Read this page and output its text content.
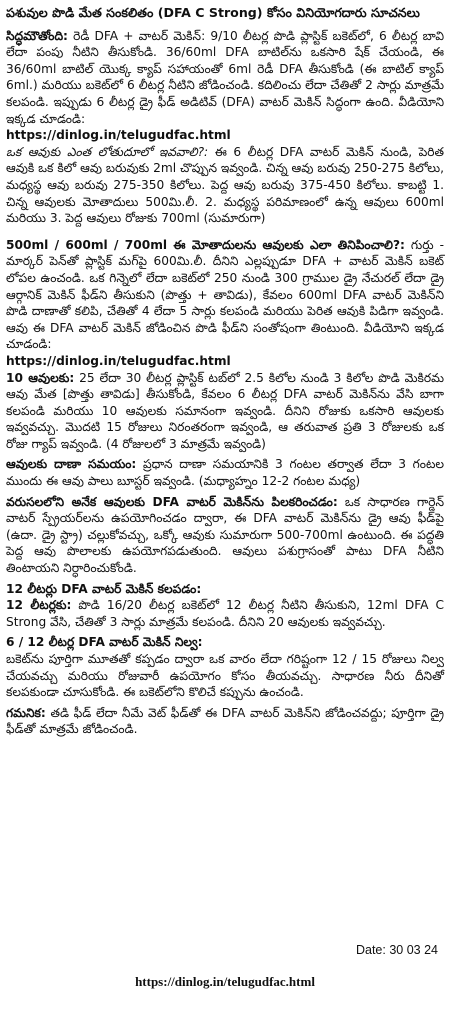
పశువుల పొడి మేత సంకలితం (DFA C Strong) కోసం వినియోగదారు సూచనలు

సిద్ధమౌతోంది: రెడీ DFA + వాటర్ మెకిన్: 9/10 లీటర్ల పొడి ప్లాస్టిక్ బకెట్‌లో, 6 లీటర్ల బావి లేదా పంపు నీటిని తీసుకోండి. 36/60ml DFA బాటిల్‌ను ఒకసారి షేక్ చేయండి, ఈ 36/60ml బాటిల్ యొక్క క్యాప్ సహాయంతో 6ml రెడీ DFA తీసుకోండి (ఈ బాటిల్ క్యాప్ 6ml.) మరియు బకెట్‌లో 6 లీటర్ల నీటిని జోడించండి. కదిలించు లేదా చేతితో 2 సార్లు మాత్రమే కలపండి. ఇప్పుడు 6 లీటర్ల డ్రై ఫీడ్ అడిటివ్ (DFA) వాటర్ మెకిన్ సిద్ధంగా ఉంది. వీడియోని ఇక్కడ చూడండి:

https://dinlog.in/telugudfac.html

ఒక ఆవుకు ఎంత లోతుదూలో ఇవవాలి?: ఈ 6 లీటర్ల DFA వాటర్ మెకిన్ నుండి, పెరిత ఆవుకి ఒక కిలో ఆవు బరువుకు 2ml చొప్పున ఇవ్వండి. చిన్న ఆవు బరువు 250-275 కిలోలు, మధ్యస్థ ఆవు బరువు 275-350 కిలోలు. పెద్ద ఆవు బరువు 375-450 కిలోలు. కాబట్టి 1. చిన్న ఆవులకు మోతాదులు 500మి.లీ. 2. మధ్యస్థ పరిమాణంలో ఉన్న ఆవులు 600ml మరియు 3. పెద్ద ఆవులు రోజుకు 700ml (సుమారుగా)

500ml / 600ml / 700ml ఈ మోతాదులను ఆవులకు ఎలా తినిపించాలి?: గుర్తు - మార్కర్ పెన్‌తో ప్లాస్టిక్ మగ్‌పై 600మి.లీ. దీనిని ఎల్లప్పుడూ DFA + వాటర్ మెకిన్ బకెట్ లోపల ఉంచండి. ఒక గిన్నెలో లేదా బకెట్‌లో 250 నుండి 300 గ్రాముల డ్రై నేచురల్ లేదా డ్రై ఆర్గానిక్ మెకిన్ ఫీడ్‌ని తీసుకుని (పొత్తు + తావిడు), కేవలం 600ml DFA వాటర్ మెకిన్‌ని పొడి దాణాతో కలిపి, చేతితో 4 లేదా 5 సార్లు కలపండి మరియు పెరిత ఆవుకి పిడిగా ఇవ్వండి. ఆవు ఈ DFA వాటర్ మెకిన్ జోడించిన పొడి ఫీడ్‌ని సంతోషంగా తింటుంది. వీడియోని ఇక్కడ చూడండి:

https://dinlog.in/telugudfac.html

10 ఆవులకు: 25 లేదా 30 లీటర్ల ప్లాస్టిక్ టబ్‌లో 2.5 కిలోల నుండి 3 కిలోల పొడి మెకిరమ ఆవు మేత [పొత్తు తావిడు] తీసుకోండి, కేవలం 6 లీటర్ల DFA వాటర్ మెకిన్‌ను వేసి బాగా కలపండి మరియు 10 ఆవులకు సమానంగా ఇవ్వండి. దీనిని రోజుకు ఒకసారి ఆవులకు ఇవ్వవచ్చు. మొదటి 15 రోజులు నిరంతరంగా ఇవ్వండి, ఆ తరువాత ప్రతి 3 రోజులకు ఒక రోజు గ్యాప్ ఇవ్వండి. (4 రోజులలో 3 మాత్రమే ఇవ్వండి)

ఆవులకు దాణా సమయం: ప్రధాన దాణా సమయానికి 3 గంటల తర్వాత లేదా 3 గంటల ముందు ఈ ఆవు పాలు బూస్టర్ ఇవ్వండి. (మధ్యాహ్నం 12-2 గంటల మధ్య)

వరుసలలోని అనేక ఆవులకు DFA వాటర్ మెకిన్‌ను పిలకరించడం: ఒక సాధారణ గార్డెన్ వాటర్ స్ప్రేయర్‌లను ఉపయోగించడం ద్వారా, ఈ DFA వాటర్ మెకిన్‌ను డ్రై ఆవు ఫీడ్‌పై (ఉదా. డ్రై స్ట్రా) చల్లుకోవచ్చు, ఒక్కో ఆవుకు సుమారుగా 500-700ml ఉంటుంది. ఈ పద్ధతి పెద్ద ఆవు పొలాలకు ఉపయోగపడుతుంది. ఆవులు పశుగ్రాసంతో పాటు DFA నీటిని తింటాయని నిర్ధారించుకోండి.

12 లీటర్లు DFA వాటర్ మెకిన్ కలపడం:

12 లీటర్లకు: పొడి 16/20 లీటర్ల బకెట్‌లో 12 లీటర్ల నీటిని తీసుకుని, 12ml DFA C Strong వేసి, చేతితో 3 సార్లు మాత్రమే కలపండి. దీనిని 20 ఆవులకు ఇవ్వవచ్చు.

6 / 12 లీటర్ల DFA వాటర్ మెకిన్ నిల్వ:

బకెట్‌ను పూర్తిగా మూతతో కప్పడం ద్వారా ఒక వారం లేదా గరిష్టంగా 12 / 15 రోజులు నిల్వ చేయవచ్చు మరియు రోజువారీ ఉపయోగం కోసం తీయవచ్చు. సాధారణ నీరు దీనితో కలపకుండా చూసుకోండి. ఈ బకెట్‌లోని కొలిచే కప్పును ఉంచండి.

గమనిక: తడి ఫీడ్ లేదా నీమే వెట్ ఫీడ్‌తో ఈ DFA వాటర్ మెకిన్‌ని జోడించవద్దు; పూర్తిగా డ్రై ఫీడ్‌తో మాత్రమే జోడించండి.

Date: 30 03 24
https://dinlog.in/telugudfac.html
